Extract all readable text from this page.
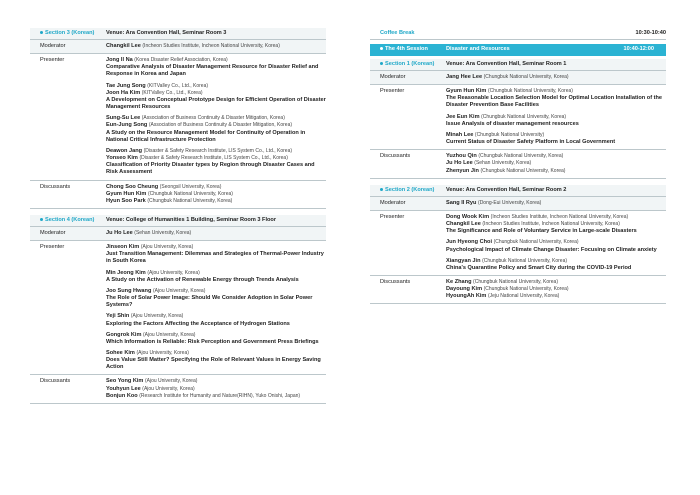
Section 3 (Korean)	Venue: Ara Convention Hall, Seminar Room 3
Moderator	Changkil Lee (Incheon Studies Institute, Incheon National University, Korea)
Presenter	Jong Il Na (Korea Disaster Relief Association, Korea)
Comparative Analysis of Disaster Management Resource for Disaster Relief and Response in Korea and Japan
Tae Jung Song (KITValley Co., Ltd., Korea)
Joon Ha Kim (KITValley Co., Ltd., Korea)
A Development on Conceptual Prototype Design for Efficient Operation of Disaster Management Resources
Sung-Su Lee (Association of Business Continuity & Disaster Mitigation, Korea)
Eun-Jung Song (Association of Business Continuity & Disaster Mitigation, Korea)
A Study on the Resource Management Model for Continuity of Operation in National Critical Infrastructure Protection
Deawon Jang (Disaster & Safety Research Institute, LIS System Co., Ltd., Korea)
Yonseo Kim (Disaster & Safety Research Institute, LIS System Co., Ltd., Korea)
Classification of Priority Disaster types by Region through Disaster Cases and Risk Assessment
Discussants	Chong Soo Cheung (Seongsil University, Korea)
Gyum Hun Kim (Chungbuk National University, Korea)
Hyun Soo Park (Chungbuk National University, Korea)
Section 4 (Korean)	Venue: College of Humanities 1 Building, Seminar Room 3 Floor
Moderator	Ju Ho Lee (Sehan University, Korea)
Presenter	Jinseon Kim (Ajou University, Korea)
Just Transition Management: Dilemmas and Strategies of Thermal-Power Industry in South Korea
Min Jeong Kim (Ajou University, Korea)
A Study on the Activation of Renewable Energy through Trends Analysis
Joo Sung Hwang (Ajou University, Korea)
The Role of Solar Power Image: Should We Consider Adoption in Solar Power Systems?
Yeji Shin (Ajou University, Korea)
Exploring the Factors Affecting the Acceptance of Hydrogen Stations
Gongrok Kim (Ajou University, Korea)
Which Information is Reliable: Risk Perception and Government Press Briefings
Sohee Kim (Ajou University, Korea)
Does Value Still Matter? Specifying the Role of Relevant Values in Energy Saving Action
Discussants	Seo Yong Kim (Ajou University, Korea)
Youhyun Lee (Ajou University, Korea)
Bonjun Koo (Research Institute for Humanity and Nature(RIHN), Yuko Onishi, Japan)
Coffee Break	10:30-10:40
The 4th Session	Disaster and Resources	10:40-12:00
Section 1 (Korean)	Venue: Ara Convention Hall, Seminar Room 1
Moderator	Jang Hee Lee (Chungbuk National University, Korea)
Presenter	Gyum Hun Kim (Chungbuk National University, Korea)
The Reasonable Location Selection Model for Optimal Location Installation of the Disaster Prevention Base Facilities
Jee Eun Kim (Chungbuk National University, Korea)
Issue Analysis of disaster management resources
Minah Lee (Chungbuk National University)
Current Status of Disaster Safety Platform in Local Government
Discussants	Yuzhou Qin (Chungbuk National University, Korea)
Ju Ho Lee (Sehan University, Korea)
Zhenyun Jin (Chungbuk National University, Korea)
Section 2 (Korean)	Venue: Ara Convention Hall, Seminar Room 2
Moderator	Sang Il Ryu (Dong-Eui University, Korea)
Presenter	Dong Wook Kim (Incheon Studies Institute, Incheon National University, Korea)
Changkil Lee (Incheon Studies Institute, Incheon National University, Korea)
The Significance and Role of Voluntary Service in Large-scale Disasters
Jun Hyeong Choi (Chungbuk National University, Korea)
Psychological Impact of Climate Change Disaster: Focusing on Climate anxiety
Xiangyan Jin (Chungbuk National University, Korea)
China's Quarantine Policy and Smart City during the COVID-19 Period
Discussants	Ke Zhang (Chungbuk National University, Korea)
Dayoung Kim (Chungbuk National University, Korea)
HyoungAh Kim (Jeju National University, Korea)
